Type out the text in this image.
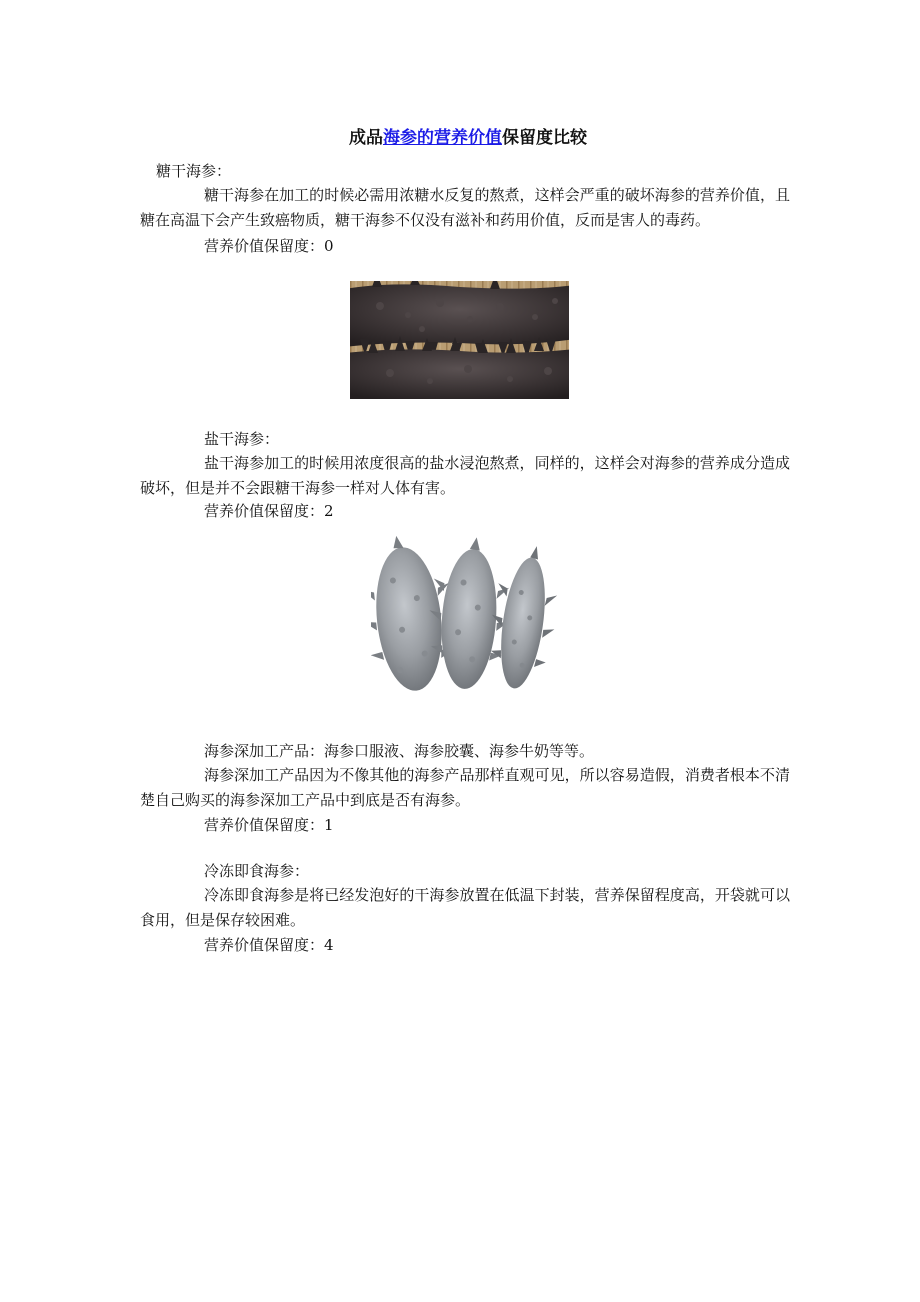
成品海参的营养价值保留度比较
糖干海参：
糖干海参在加工的时候必需用浓糖水反复的熬煮，这样会严重的破坏海参的营养价值，且糖在高温下会产生致癌物质，糖干海参不仅没有滋补和药用价值，反而是害人的毒药。
营养价值保留度：0
盐干海参：
盐干海参加工的时候用浓度很高的盐水浸泡熬煮，同样的，这样会对海参的营养成分造成破坏，但是并不会跟糖干海参一样对人体有害。
营养价值保留度：2
海参深加工产品：海参口服液、海参胶囊、海参牛奶等等。
海参深加工产品因为不像其他的海参产品那样直观可见，所以容易造假，消费者根本不清楚自己购买的海参深加工产品中到底是否有海参。
营养价值保留度：1
冷冻即食海参：
冷冻即食海参是将已经发泡好的干海参放置在低温下封装，营养保留程度高，开袋就可以食用，但是保存较困难。
营养价值保留度：4
